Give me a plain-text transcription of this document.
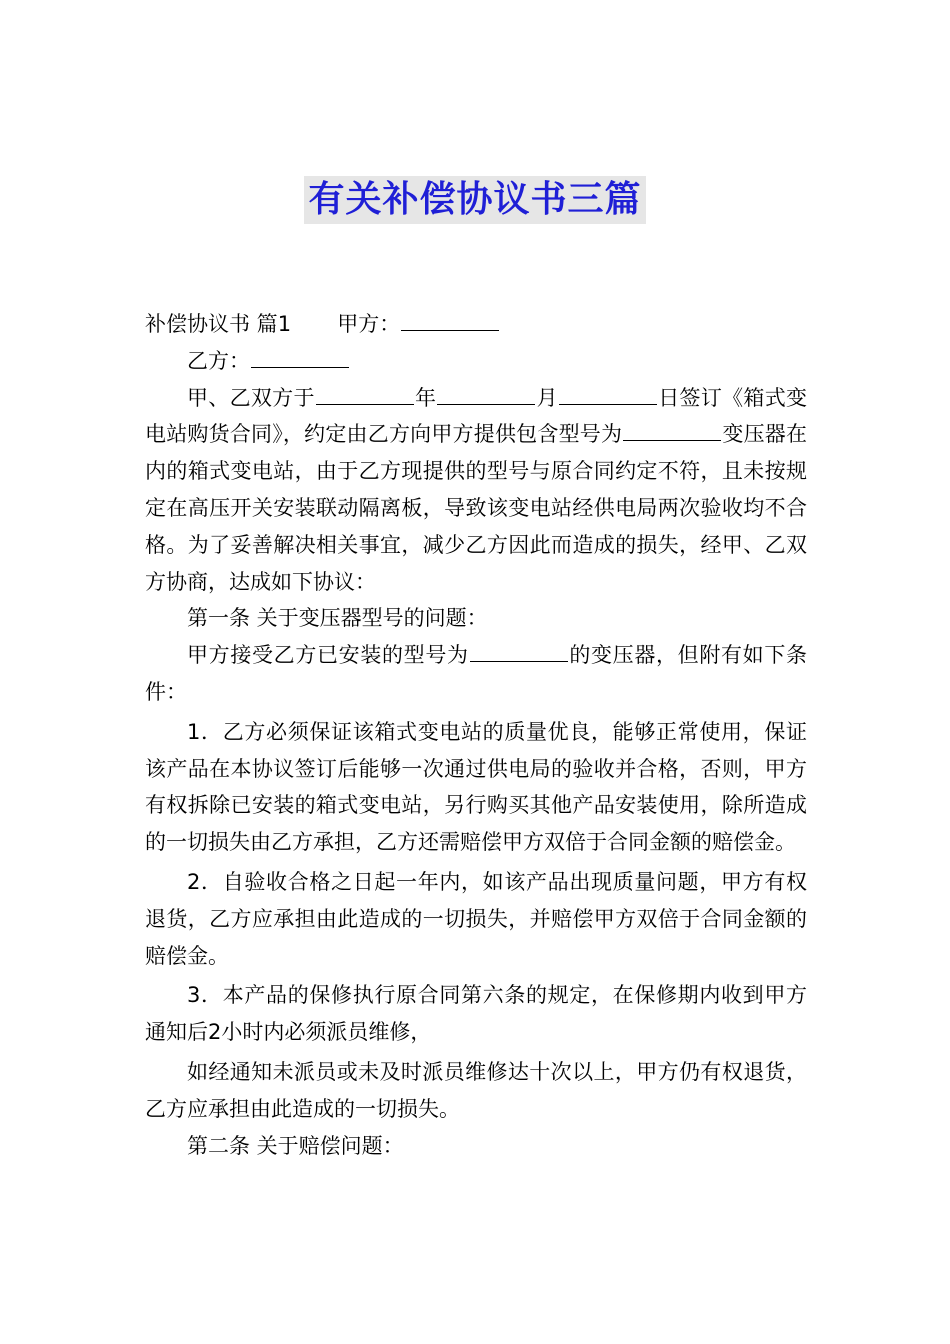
有关补偿协议书三篇

补偿协议书 篇1 甲方：

乙方：

甲、乙双方于	年	月	日签订《箱式变电站购货合同》，约定由乙方向甲方提供包含型号为	变压器在内的箱式变电站，由于乙方现提供的型号与原合同约定不符，且未按规定在高压开关安装联动隔离板，导致该变电站经供电局两次验收均不合格。为了妥善解决相关事宜，减少乙方因此而造成的损失，经甲、乙双方协商，达成如下协议：

第一条 关于变压器型号的问题：

甲方接受乙方已安装的型号为	的变压器，但附有如下条件：

1．乙方必须保证该箱式变电站的质量优良，能够正常使用，保证该产品在本协议签订后能够一次通过供电局的验收并合格，否则，甲方有权拆除已安装的箱式变电站，另行购买其他产品安装使用，除所造成的一切损失由乙方承担，乙方还需赔偿甲方双倍于合同金额的赔偿金。

2．自验收合格之日起一年内，如该产品出现质量问题，甲方有权退货，乙方应承担由此造成的一切损失，并赔偿甲方双倍于合同金额的赔偿金。

3．本产品的保修执行原合同第六条的规定，在保修期内收到甲方通知后2小时内必须派员维修，

如经通知未派员或未及时派员维修达十次以上，甲方仍有权退货，乙方应承担由此造成的一切损失。

第二条 关于赔偿问题：
